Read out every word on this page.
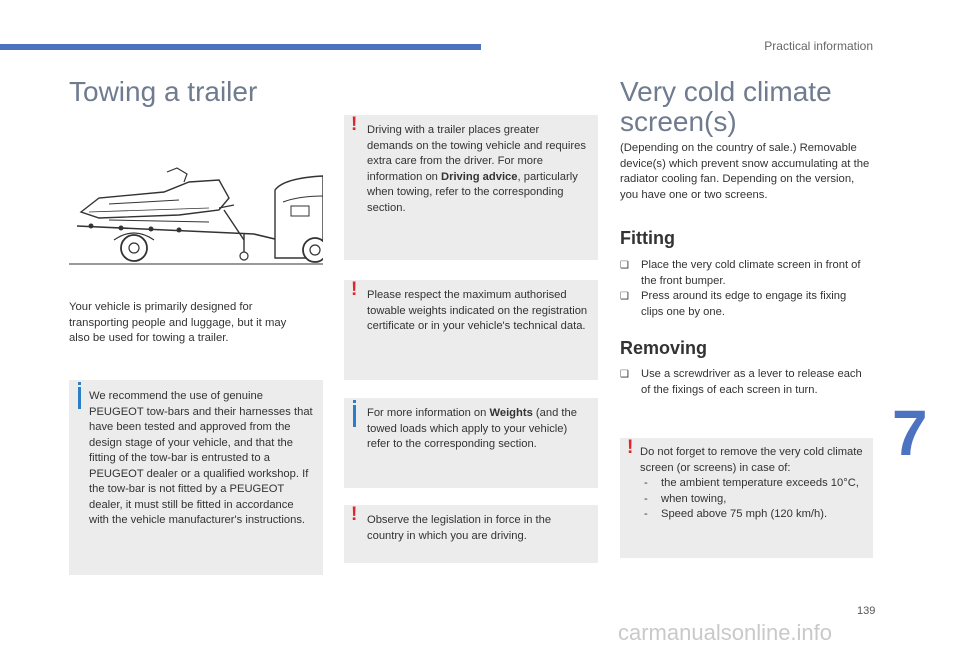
Practical information
Towing a trailer
Your vehicle is primarily designed for transporting people and luggage, but it may also be used for towing a trailer.
We recommend the use of genuine PEUGEOT tow-bars and their harnesses that have been tested and approved from the design stage of your vehicle, and that the fitting of the tow-bar is entrusted to a PEUGEOT dealer or a qualified workshop. If the tow-bar is not fitted by a PEUGEOT dealer, it must still be fitted in accordance with the vehicle manufacturer's instructions.
! Driving with a trailer places greater demands on the towing vehicle and requires extra care from the driver. For more information on Driving advice, particularly when towing, refer to the corresponding section.
! Please respect the maximum authorised towable weights indicated on the registration certificate or in your vehicle's technical data.
For more information on Weights (and the towed loads which apply to your vehicle) refer to the corresponding section.
! Observe the legislation in force in the country in which you are driving.
Very cold climate
screen(s)
(Depending on the country of sale.) Removable device(s) which prevent snow accumulating at the radiator cooling fan. Depending on the version, you have one or two screens.
Fitting
❑	Place the very cold climate screen in front of the front bumper.
❑	Press around its edge to engage its fixing clips one by one.
Removing
❑	Use a screwdriver as a lever to release each of the fixings of each screen in turn.
! Do not forget to remove the very cold climate screen (or screens) in case of:
- the ambient temperature exceeds 10°C,
- when towing,
- Speed above 75 mph (120 km/h).
7
139
carmanualsonline.info
